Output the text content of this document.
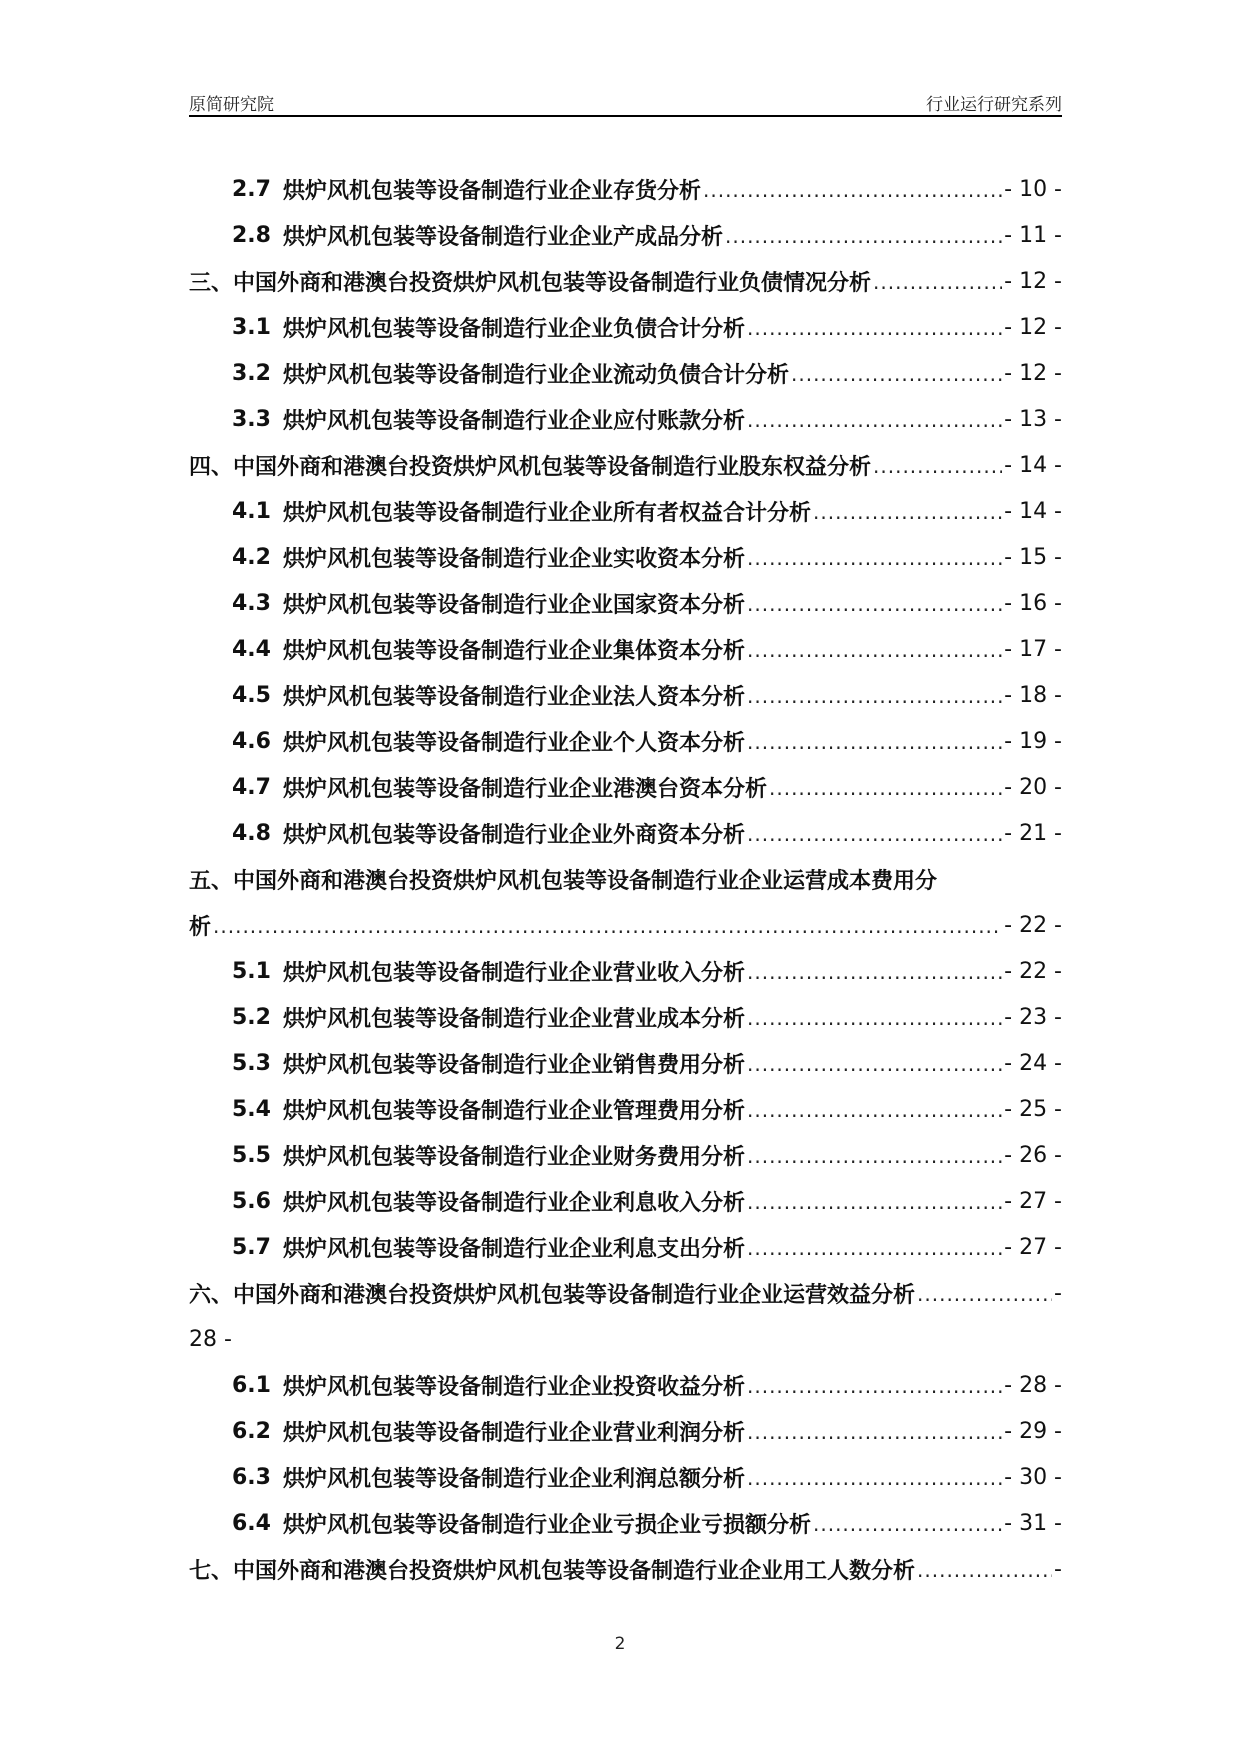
原简研究院	行业运行研究系列
2.7 烘炉风机包装等设备制造行业企业存货分析 .....	- 10 -
2.8 烘炉风机包装等设备制造行业企业产成品分析 .....	- 11 -
三、中国外商和港澳台投资烘炉风机包装等设备制造行业负债情况分析 .....	- 12 -
3.1 烘炉风机包装等设备制造行业企业负债合计分析 .....	- 12 -
3.2 烘炉风机包装等设备制造行业企业流动负债合计分析 .....	- 12 -
3.3 烘炉风机包装等设备制造行业企业应付账款分析 .....	- 13 -
四、中国外商和港澳台投资烘炉风机包装等设备制造行业股东权益分析 .....	- 14 -
4.1 烘炉风机包装等设备制造行业企业所有者权益合计分析 .....	- 14 -
4.2 烘炉风机包装等设备制造行业企业实收资本分析 .....	- 15 -
4.3 烘炉风机包装等设备制造行业企业国家资本分析 .....	- 16 -
4.4 烘炉风机包装等设备制造行业企业集体资本分析 .....	- 17 -
4.5 烘炉风机包装等设备制造行业企业法人资本分析 .....	- 18 -
4.6 烘炉风机包装等设备制造行业企业个人资本分析 .....	- 19 -
4.7 烘炉风机包装等设备制造行业企业港澳台资本分析 .....	- 20 -
4.8 烘炉风机包装等设备制造行业企业外商资本分析 .....	- 21 -
五、中国外商和港澳台投资烘炉风机包装等设备制造行业企业运营成本费用分
析 .....	- 22 -
5.1 烘炉风机包装等设备制造行业企业营业收入分析 .....	- 22 -
5.2 烘炉风机包装等设备制造行业企业营业成本分析 .....	- 23 -
5.3 烘炉风机包装等设备制造行业企业销售费用分析 .....	- 24 -
5.4 烘炉风机包装等设备制造行业企业管理费用分析 .....	- 25 -
5.5 烘炉风机包装等设备制造行业企业财务费用分析 .....	- 26 -
5.6 烘炉风机包装等设备制造行业企业利息收入分析 .....	- 27 -
5.7 烘炉风机包装等设备制造行业企业利息支出分析 .....	- 27 -
六、中国外商和港澳台投资烘炉风机包装等设备制造行业企业运营效益分析 .....	-
28 -
6.1 烘炉风机包装等设备制造行业企业投资收益分析 .....	- 28 -
6.2 烘炉风机包装等设备制造行业企业营业利润分析 .....	- 29 -
6.3 烘炉风机包装等设备制造行业企业利润总额分析 .....	- 30 -
6.4 烘炉风机包装等设备制造行业企业亏损企业亏损额分析 .....	- 31 -
七、中国外商和港澳台投资烘炉风机包装等设备制造行业企业用工人数分析 .....	-
2
